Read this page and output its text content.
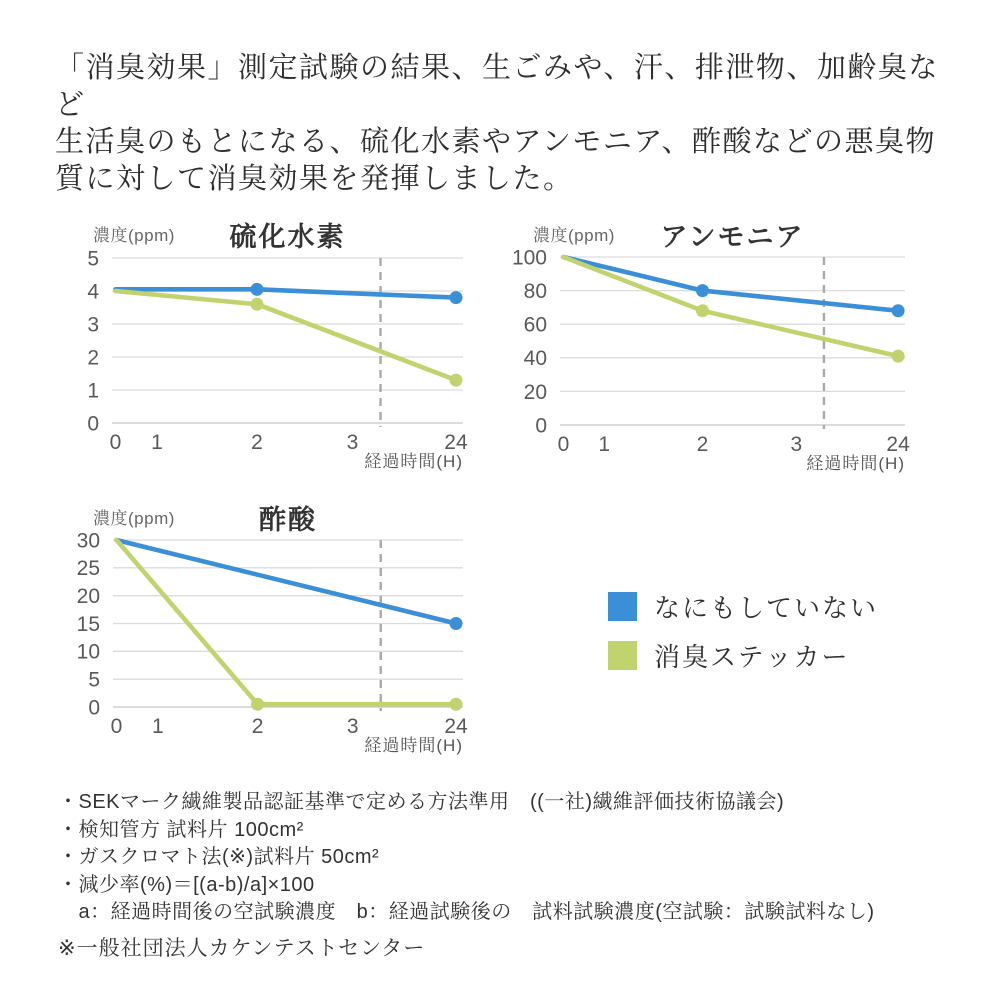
「消臭効果」測定試験の結果、生ごみや、汗、排泄物、加齢臭など
生活臭のもとになる、硫化水素やアンモニア、酢酸などの悪臭物
質に対して消臭効果を発揮しました。
5
4
3
2
1
0
0 1	2	3	24
濃度(ppm)	硫化水素
経過時間(H)
100
80
60
40
20
0
0 1	2	3	24
濃度(ppm)	アンモニア
経過時間(H)
30
25
20
15
10
5
0
0 1	2	3	24
濃度(ppm)	酢酸
経過時間(H)
なにもしていない
消臭ステッカー
・SEKマーク繊維製品認証基準で定める方法準用　((一社)繊維評価技術協議会)
・検知管方 試料片 100cm²
・ガスクロマト法(※)試料片 50cm²
・減少率(%)＝[(a-b)/a]×100
　a：経過時間後の空試験濃度　b：経過試験後の　試料試験濃度(空試験：試験試料なし)
※一般社団法人カケンテストセンター
